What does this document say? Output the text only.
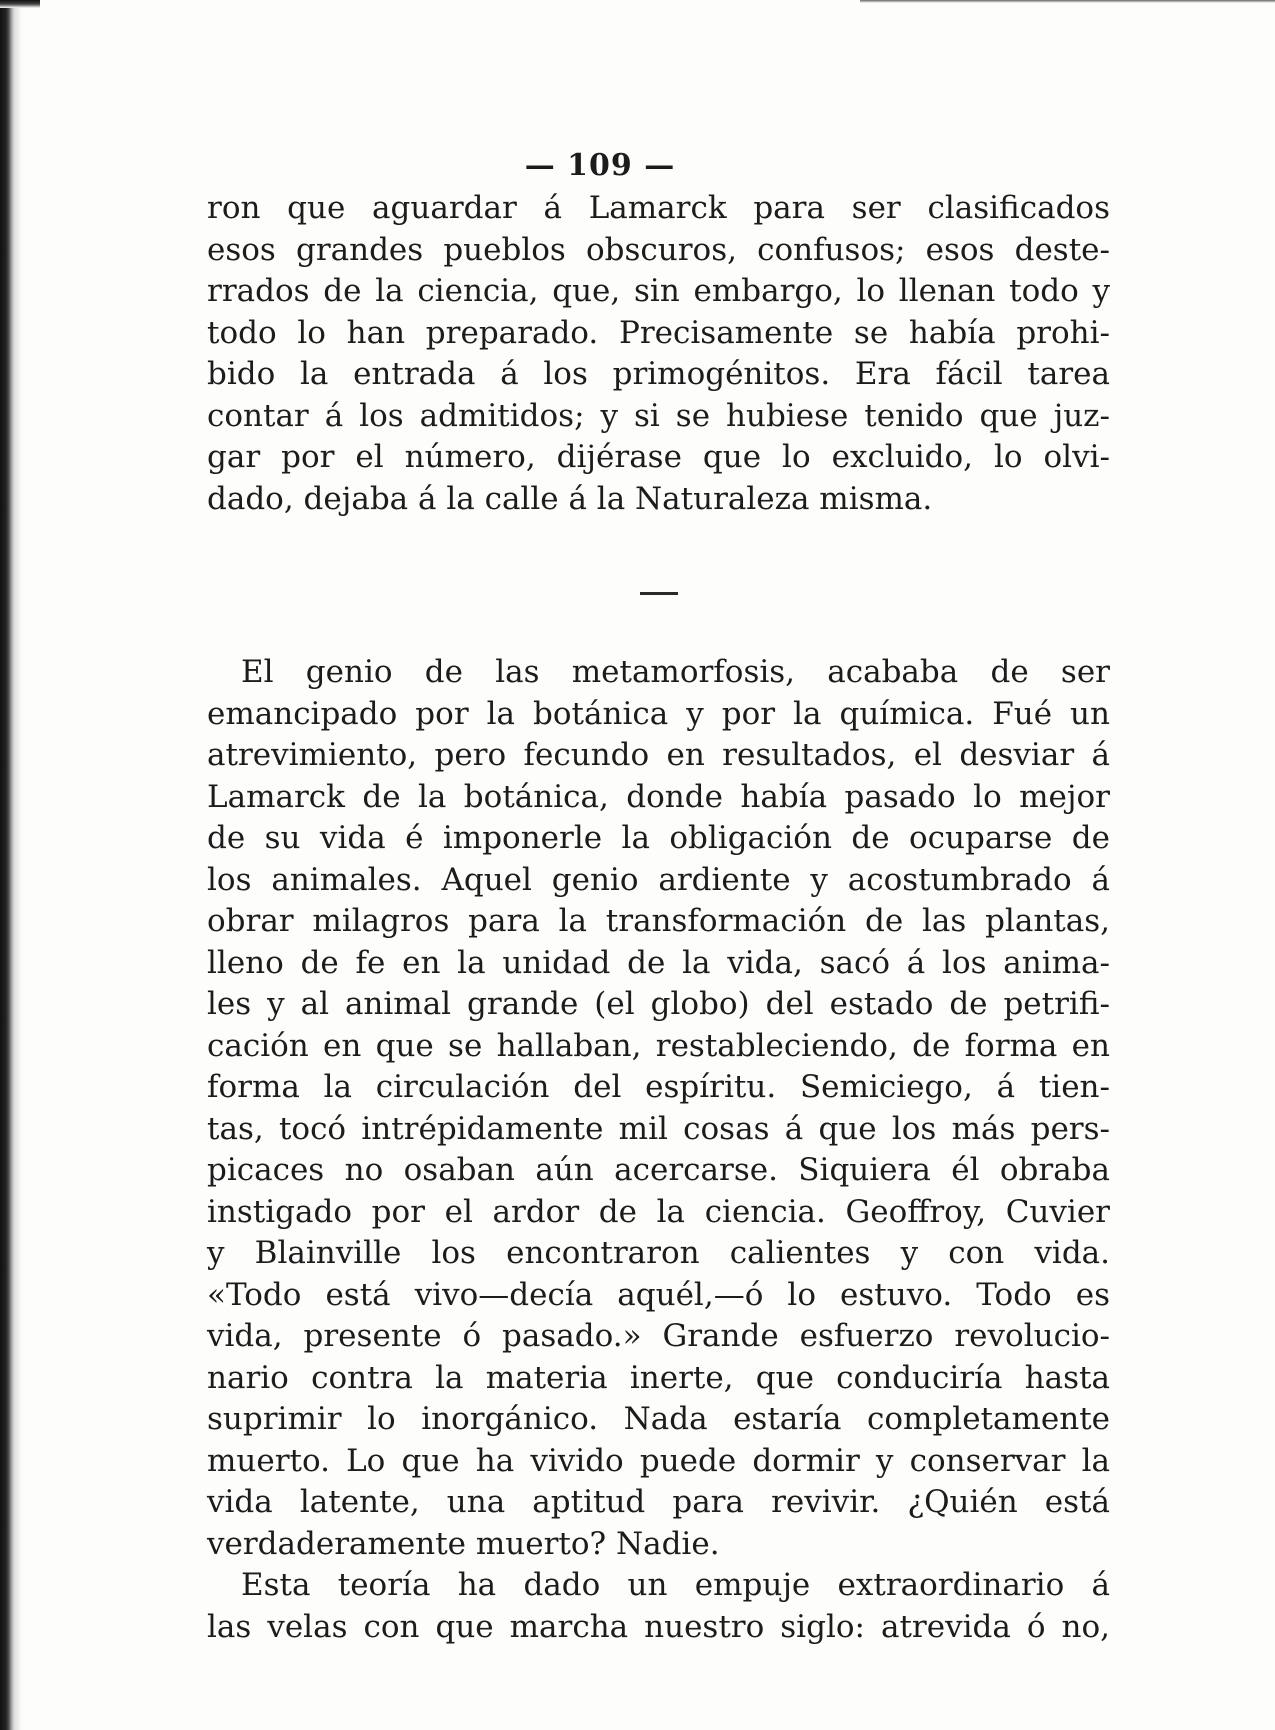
— 109 —
ron que aguardar á Lamarck para ser clasificados
esos grandes pueblos obscuros, confusos; esos deste-
rrados de la ciencia, que, sin embargo, lo llenan todo y
todo lo han preparado. Precisamente se había prohi-
bido la entrada á los primogénitos. Era fácil tarea
contar á los admitidos; y si se hubiese tenido que juz-
gar por el número, dijérase que lo excluido, lo olvi-
dado, dejaba á la calle á la Naturaleza misma.
El genio de las metamorfosis, acababa de ser
emancipado por la botánica y por la química. Fué un
atrevimiento, pero fecundo en resultados, el desviar á
Lamarck de la botánica, donde había pasado lo mejor
de su vida é imponerle la obligación de ocuparse de
los animales. Aquel genio ardiente y acostumbrado á
obrar milagros para la transformación de las plantas,
lleno de fe en la unidad de la vida, sacó á los anima-
les y al animal grande (el globo) del estado de petrifi-
cación en que se hallaban, restableciendo, de forma en
forma la circulación del espíritu. Semiciego, á tien-
tas, tocó intrépidamente mil cosas á que los más pers-
picaces no osaban aún acercarse. Siquiera él obraba
instigado por el ardor de la ciencia. Geoffroy, Cuvier
y Blainville los encontraron calientes y con vida.
«Todo está vivo—decía aquél,—ó lo estuvo. Todo es
vida, presente ó pasado.» Grande esfuerzo revolucio-
nario contra la materia inerte, que conduciría hasta
suprimir lo inorgánico. Nada estaría completamente
muerto. Lo que ha vivido puede dormir y conservar la
vida latente, una aptitud para revivir. ¿Quién está
verdaderamente muerto? Nadie.
Esta teoría ha dado un empuje extraordinario á
las velas con que marcha nuestro siglo: atrevida ó no,
